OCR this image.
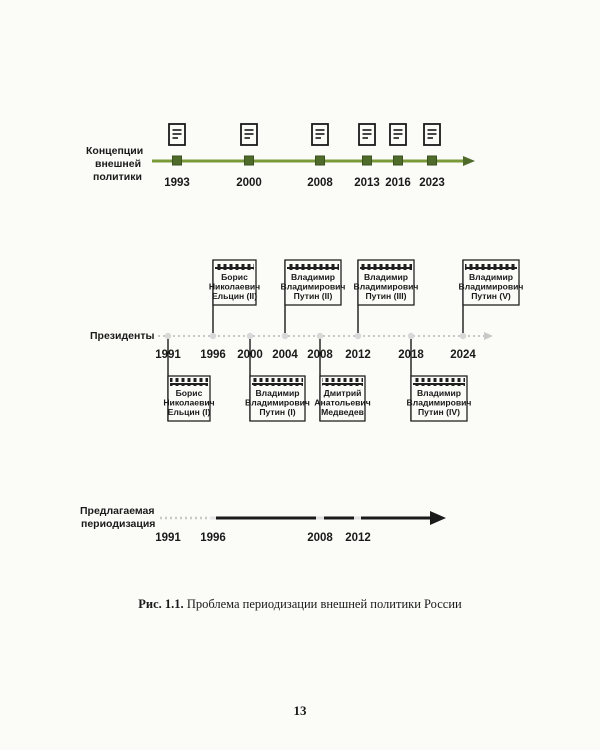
Концепции внешней политики	1993	2000	2008 2013 2016 2023
Президенты
1991 1996 2000 2004 2008 2012 2018 2024
Борис
Николаевич
Ельцин (I)
Борис
Николаевич
Ельцин (II)
Владимир
Владимирович
Путин (I)
Владимир
Владимирович
Путин (II)
Дмитрий
Анатольевич
Медведев
Владимир
Владимирович
Путин (III)
Владимир
Владимирович
Путин (IV)
Владимир
Владимирович
Путин (V)
Предлагаемая периодизация
1991 1996	2008 2012
Рис. 1.1. Проблема периодизации внешней политики России
13
